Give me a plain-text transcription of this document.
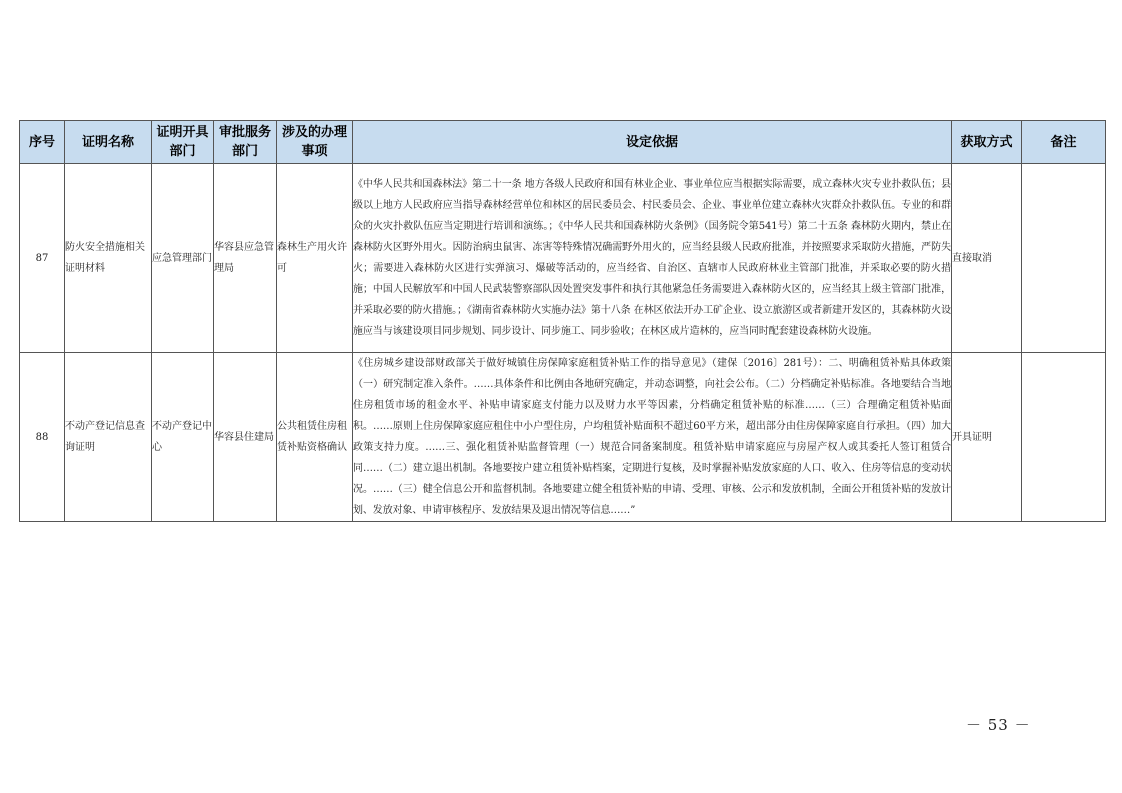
序号	证明名称	证明开具部门	审批服务部门	涉及的办理事项	设定依据	获取方式	备注
87	防火安全措施相关证明材料	应急管理部门	华容县应急管理局	森林生产用火许可	《中华人民共和国森林法》第二十一条 地方各级人民政府和国有林业企业、事业单位应当根据实际需要，成立森林火灾专业扑救队伍；县级以上地方人民政府应当指导森林经营单位和林区的居民委员会、村民委员会、企业、事业单位建立森林火灾群众扑救队伍。专业的和群众的火灾扑救队伍应当定期进行培训和演练。；《中华人民共和国森林防火条例》（国务院令第541号）第二十五条 森林防火期内，禁止在森林防火区野外用火。因防治病虫鼠害、冻害等特殊情况确需野外用火的，应当经县级人民政府批准，并按照要求采取防火措施，严防失火；需要进入森林防火区进行实弹演习、爆破等活动的，应当经省、自治区、直辖市人民政府林业主管部门批准，并采取必要的防火措施；中国人民解放军和中国人民武装警察部队因处置突发事件和执行其他紧急任务需要进入森林防火区的，应当经其上级主管部门批准，并采取必要的防火措施。；《湖南省森林防火实施办法》第十八条 在林区依法开办工矿企业、设立旅游区或者新建开发区的，其森林防火设施应当与该建设项目同步规划、同步设计、同步施工、同步验收；在林区成片造林的，应当同时配套建设森林防火设施。	直接取消	
88	不动产登记信息查询证明	不动产登记中心	华容县住建局	公共租赁住房租赁补贴资格确认	《住房城乡建设部财政部关于做好城镇住房保障家庭租赁补贴工作的指导意见》（建保〔2016〕281号）：二、明确租赁补贴具体政策（一）研究制定准入条件。……具体条件和比例由各地研究确定，并动态调整，向社会公布。（二）分档确定补贴标准。各地要结合当地住房租赁市场的租金水平、补贴申请家庭支付能力以及财力水平等因素，分档确定租赁补贴的标准……（三）合理确定租赁补贴面积。……原则上住房保障家庭应租住中小户型住房，户均租赁补贴面积不超过60平方米，超出部分由住房保障家庭自行承担。（四）加大政策支持力度。……三、强化租赁补贴监督管理（一）规范合同备案制度。租赁补贴申请家庭应与房屋产权人或其委托人签订租赁合同……（二）建立退出机制。各地要按户建立租赁补贴档案，定期进行复核，及时掌握补贴发放家庭的人口、收入、住房等信息的变动状况。……（三）健全信息公开和监督机制。各地要建立健全租赁补贴的申请、受理、审核、公示和发放机制，全面公开租赁补贴的发放计划、发放对象、申请审核程序、发放结果及退出情况等信息……”	开具证明	
－ 53 －
